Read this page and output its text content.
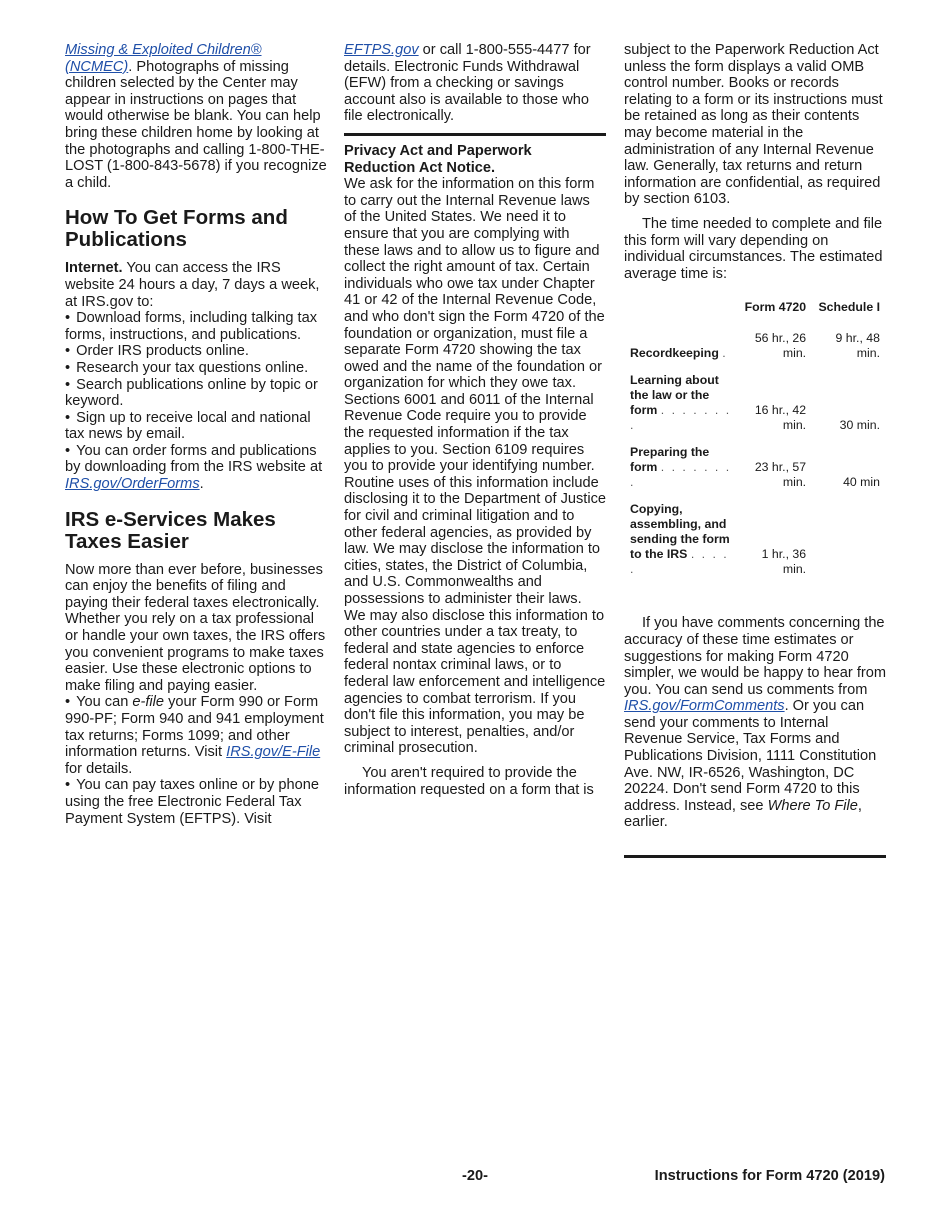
Missing & Exploited Children® (NCMEC). Photographs of missing children selected by the Center may appear in instructions on pages that would otherwise be blank. You can help bring these children home by looking at the photographs and calling 1-800-THE-LOST (1-800-843-5678) if you recognize a child.

How To Get Forms and Publications

Internet. You can access the IRS website 24 hours a day, 7 days a week, at IRS.gov to:

• Download forms, including talking tax forms, instructions, and publications.

• Order IRS products online.

• Research your tax questions online.

• Search publications online by topic or keyword.

• Sign up to receive local and national tax news by email.

• You can order forms and publications by downloading from the IRS website at IRS.gov/OrderForms.

IRS e-Services Makes Taxes Easier

Now more than ever before, businesses can enjoy the benefits of filing and paying their federal taxes electronically. Whether you rely on a tax professional or handle your own taxes, the IRS offers you convenient programs to make taxes easier. Use these electronic options to make filing and paying easier.

• You can e-file your Form 990 or Form 990-PF; Form 940 and 941 employment tax returns; Forms 1099; and other information returns. Visit IRS.gov/E-File for details.

• You can pay taxes online or by phone using the free Electronic Federal Tax Payment System (EFTPS). Visit

EFTPS.gov or call 1-800-555-4477 for details. Electronic Funds Withdrawal (EFW) from a checking or savings account also is available to those who file electronically.

Privacy Act and Paperwork Reduction Act Notice.

We ask for the information on this form to carry out the Internal Revenue laws of the United States. We need it to ensure that you are complying with these laws and to allow us to figure and collect the right amount of tax. Certain individuals who owe tax under Chapter 41 or 42 of the Internal Revenue Code, and who don't sign the Form 4720 of the foundation or organization, must file a separate Form 4720 showing the tax owed and the name of the foundation or organization for which they owe tax. Sections 6001 and 6011 of the Internal Revenue Code require you to provide the requested information if the tax applies to you. Section 6109 requires you to provide your identifying number. Routine uses of this information include disclosing it to the Department of Justice for civil and criminal litigation and to other federal agencies, as provided by law. We may disclose the information to cities, states, the District of Columbia, and U.S. Commonwealths and possessions to administer their laws. We may also disclose this information to other countries under a tax treaty, to federal and state agencies to enforce federal nontax criminal laws, or to federal law enforcement and intelligence agencies to combat terrorism. If you don't file this information, you may be subject to interest, penalties, and/or criminal prosecution.

You aren't required to provide the information requested on a form that is

subject to the Paperwork Reduction Act unless the form displays a valid OMB control number. Books or records relating to a form or its instructions must be retained as long as their contents may become material in the administration of any Internal Revenue law. Generally, tax returns and return information are confidential, as required by section 6103.

The time needed to complete and file this form will vary depending on individual circumstances. The estimated average time is:

	Form 4720	Schedule I
Recordkeeping .	56 hr., 26 min.	9 hr., 48 min.
Learning about the law or the form . . . . . . . .	16 hr., 42 min.	30 min.
Preparing the form . . . . . . . .	23 hr., 57 min.	40 min
Copying, assembling, and sending the form to the IRS . . . . .	1 hr., 36 min.	

If you have comments concerning the accuracy of these time estimates or suggestions for making Form 4720 simpler, we would be happy to hear from you. You can send us comments from IRS.gov/FormComments. Or you can send your comments to Internal Revenue Service, Tax Forms and Publications Division, 1111 Constitution Ave. NW, IR-6526, Washington, DC 20224. Don't send Form 4720 to this address. Instead, see Where To File, earlier.

-20-	Instructions for Form 4720 (2019)
